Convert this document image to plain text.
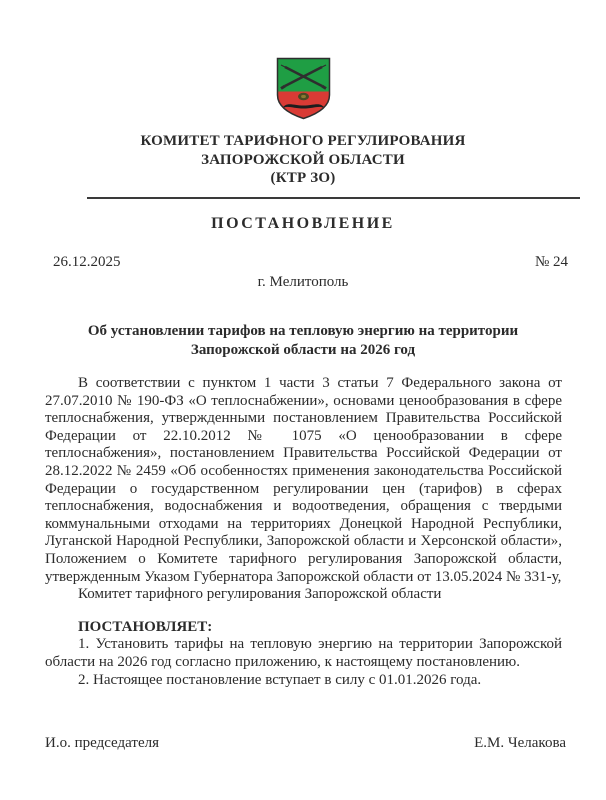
КОМИТЕТ ТАРИФНОГО РЕГУЛИРОВАНИЯ
ЗАПОРОЖСКОЙ ОБЛАСТИ
(КТР ЗО)
ПОСТАНОВЛЕНИЕ
26.12.2025	№ 24
г. Мелитополь
Об установлении тарифов на тепловую энергию на территории
Запорожской области на 2026 год

В соответствии с пунктом 1 части 3 статьи 7 Федерального закона от 27.07.2010 № 190-ФЗ «О теплоснабжении», основами ценообразования в сфере теплоснабжения, утвержденными постановлением Правительства Российской Федерации от 22.10.2012 № 1075 «О ценообразовании в сфере теплоснабжения», постановлением Правительства Российской Федерации от 28.12.2022 № 2459 «Об особенностях применения законодательства Российской Федерации о государственном регулировании цен (тарифов) в сферах теплоснабжения, водоснабжения и водоотведения, обращения с твердыми коммунальными отходами на территориях Донецкой Народной Республики, Луганской Народной Республики, Запорожской области и Херсонской области», Положением о Комитете тарифного регулирования Запорожской области, утвержденным Указом Губернатора Запорожской области от 13.05.2024 № 331-у,

Комитет тарифного регулирования Запорожской области

ПОСТАНОВЛЯЕТ:

1. Установить тарифы на тепловую энергию на территории Запорожской области на 2026 год согласно приложению, к настоящему постановлению.

2. Настоящее постановление вступает в силу с 01.01.2026 года.

И.о. председателя	Е.М. Челакова
